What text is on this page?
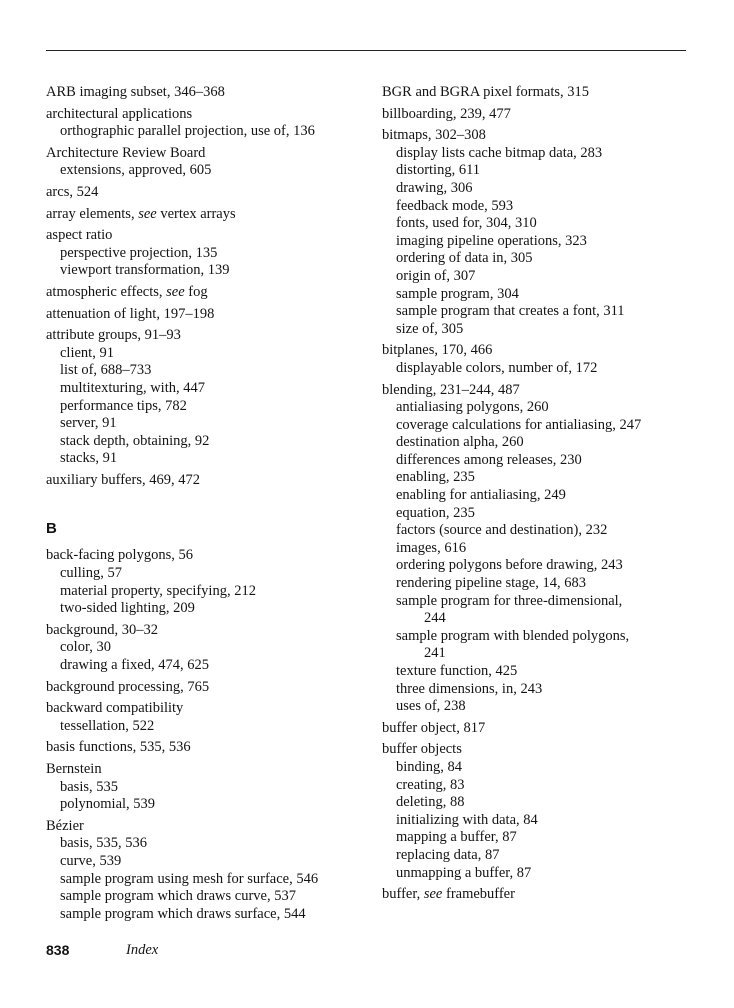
ARB imaging subset, 346–368
architectural applications
orthographic parallel projection, use of, 136
Architecture Review Board
extensions, approved, 605
arcs, 524
array elements, see vertex arrays
aspect ratio
perspective projection, 135
viewport transformation, 139
atmospheric effects, see fog
attenuation of light, 197–198
attribute groups, 91–93
client, 91
list of, 688–733
multitexturing, with, 447
performance tips, 782
server, 91
stack depth, obtaining, 92
stacks, 91
auxiliary buffers, 469, 472
B
back-facing polygons, 56
culling, 57
material property, specifying, 212
two-sided lighting, 209
background, 30–32
color, 30
drawing a fixed, 474, 625
background processing, 765
backward compatibility
tessellation, 522
basis functions, 535, 536
Bernstein
basis, 535
polynomial, 539
Bézier
basis, 535, 536
curve, 539
sample program using mesh for surface, 546
sample program which draws curve, 537
sample program which draws surface, 544
BGR and BGRA pixel formats, 315
billboarding, 239, 477
bitmaps, 302–308
display lists cache bitmap data, 283
distorting, 611
drawing, 306
feedback mode, 593
fonts, used for, 304, 310
imaging pipeline operations, 323
ordering of data in, 305
origin of, 307
sample program, 304
sample program that creates a font, 311
size of, 305
bitplanes, 170, 466
displayable colors, number of, 172
blending, 231–244, 487
antialiasing polygons, 260
coverage calculations for antialiasing, 247
destination alpha, 260
differences among releases, 230
enabling, 235
enabling for antialiasing, 249
equation, 235
factors (source and destination), 232
images, 616
ordering polygons before drawing, 243
rendering pipeline stage, 14, 683
sample program for three-dimensional,
244
sample program with blended polygons,
241
texture function, 425
three dimensions, in, 243
uses of, 238
buffer object, 817
buffer objects
binding, 84
creating, 83
deleting, 88
initializing with data, 84
mapping a buffer, 87
replacing data, 87
unmapping a buffer, 87
buffer, see framebuffer
838	Index
